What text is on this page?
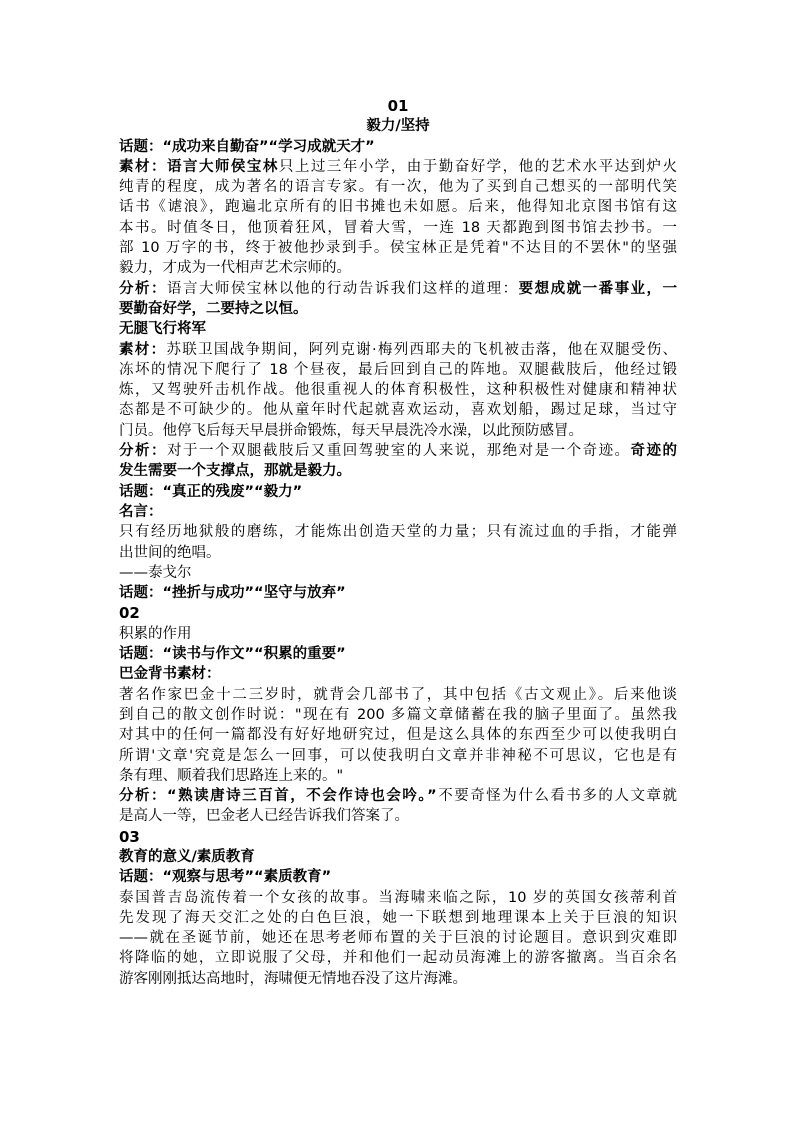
01
毅力/坚持
话题：“成功来自勤奋”“学习成就天才”
素材：语言大师侯宝林只上过三年小学，由于勤奋好学，他的艺术水平达到炉火
纯青的程度，成为著名的语言专家。有一次，他为了买到自己想买的一部明代笑
话书《谑浪》，跑遍北京所有的旧书摊也未如愿。后来，他得知北京图书馆有这
本书。时值冬日，他顶着狂风，冒着大雪，一连 18 天都跑到图书馆去抄书。一
部 10 万字的书，终于被他抄录到手。侯宝林正是凭着"不达目的不罢休"的坚强
毅力，才成为一代相声艺术宗师的。
分析：语言大师侯宝林以他的行动告诉我们这样的道理：要想成就一番事业，一
要勤奋好学，二要持之以恒。
无腿飞行将军
素材：苏联卫国战争期间，阿列克谢·梅列西耶夫的飞机被击落，他在双腿受伤、
冻坏的情况下爬行了 18 个昼夜，最后回到自己的阵地。双腿截肢后，他经过锻
炼，又驾驶歼击机作战。他很重视人的体育积极性，这种积极性对健康和精神状
态都是不可缺少的。他从童年时代起就喜欢运动，喜欢划船，踢过足球，当过守
门员。他停飞后每天早晨拼命锻炼，每天早晨洗冷水澡，以此预防感冒。
分析：对于一个双腿截肢后又重回驾驶室的人来说，那绝对是一个奇迹。奇迹的
发生需要一个支撑点，那就是毅力。
话题：“真正的残废”“毅力”
名言：
只有经历地狱般的磨练，才能炼出创造天堂的力量；只有流过血的手指，才能弹
出世间的绝唱。
——泰戈尔
话题：“挫折与成功”“坚守与放弃”
02
积累的作用
话题：“读书与作文”“积累的重要”
巴金背书素材：
著名作家巴金十二三岁时，就背会几部书了，其中包括《古文观止》。后来他谈
到自己的散文创作时说："现在有 200 多篇文章储蓄在我的脑子里面了。虽然我
对其中的任何一篇都没有好好地研究过，但是这么具体的东西至少可以使我明白
所谓'文章'究竟是怎么一回事，可以使我明白文章并非神秘不可思议，它也是有
条有理、顺着我们思路连上来的。"
分析：“熟读唐诗三百首，不会作诗也会吟。”不要奇怪为什么看书多的人文章就
是高人一等，巴金老人已经告诉我们答案了。
03
教育的意义/素质教育
话题：“观察与思考”“素质教育”
泰国普吉岛流传着一个女孩的故事。当海啸来临之际，10 岁的英国女孩蒂利首
先发现了海天交汇之处的白色巨浪，她一下联想到地理课本上关于巨浪的知识
——就在圣诞节前，她还在思考老师布置的关于巨浪的讨论题目。意识到灾难即
将降临的她，立即说服了父母，并和他们一起动员海滩上的游客撤离。当百余名
游客刚刚抵达高地时，海啸便无情地吞没了这片海滩。
